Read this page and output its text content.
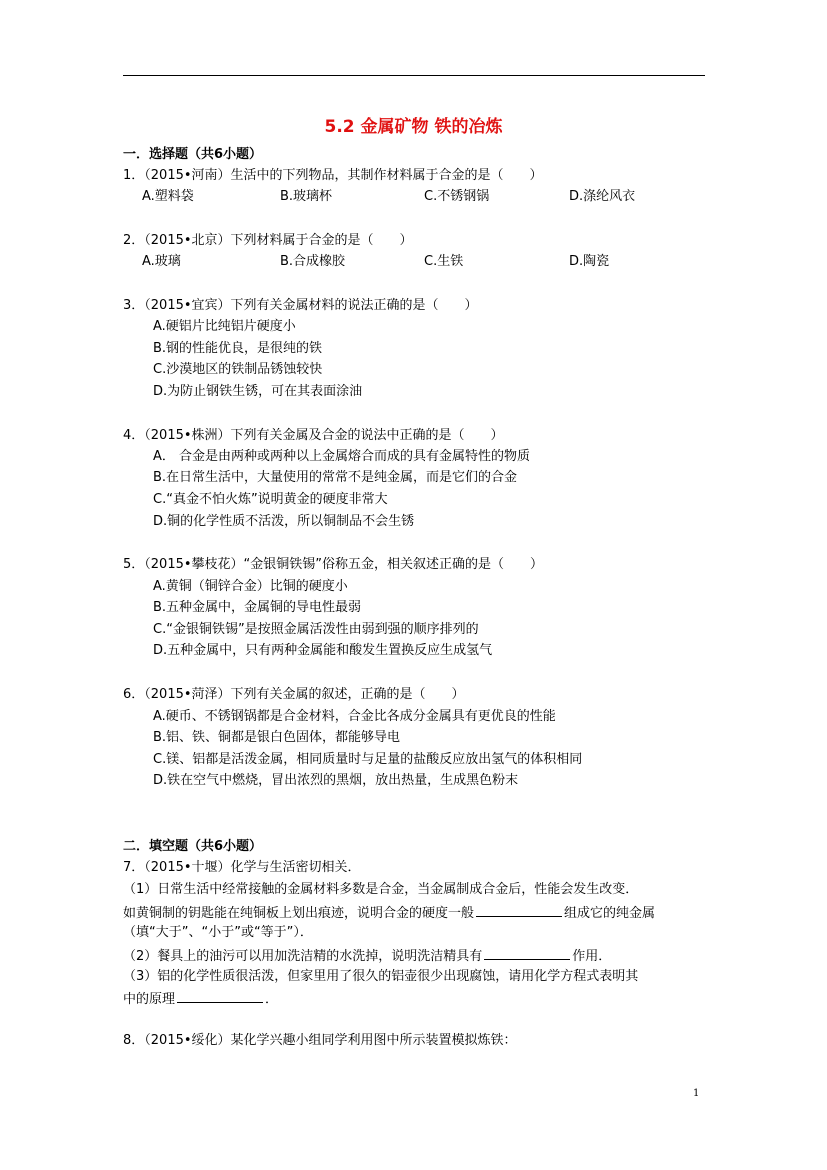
5.2 金属矿物 铁的冶炼
一．选择题（共6小题）
1．（2015•河南）生活中的下列物品，其制作材料属于合金的是（　　）
A.塑料袋	B.玻璃杯	C.不锈钢锅	D.涤纶风衣
2．（2015•北京）下列材料属于合金的是（　　）
A.玻璃	B.合成橡胶	C.生铁	D.陶瓷
3．（2015•宜宾）下列有关金属材料的说法正确的是（　　）
A.硬铝片比纯铝片硬度小
B.钢的性能优良，是很纯的铁
C.沙漠地区的铁制品锈蚀较快
D.为防止钢铁生锈，可在其表面涂油
4．（2015•株洲）下列有关金属及合金的说法中正确的是（　　）
A． 合金是由两种或两种以上金属熔合而成的具有金属特性的物质
B.在日常生活中，大量使用的常常不是纯金属，而是它们的合金
C.“真金不怕火炼”说明黄金的硬度非常大
D.铜的化学性质不活泼，所以铜制品不会生锈
5．（2015•攀枝花）“金银铜铁锡”俗称五金，相关叙述正确的是（　　）
A.黄铜（铜锌合金）比铜的硬度小
B.五种金属中，金属铜的导电性最弱
C.“金银铜铁锡”是按照金属活泼性由弱到强的顺序排列的
D.五种金属中，只有两种金属能和酸发生置换反应生成氢气
6．（2015•菏泽）下列有关金属的叙述，正确的是（　　）
A.硬币、不锈钢锅都是合金材料，合金比各成分金属具有更优良的性能
B.铝、铁、铜都是银白色固体，都能够导电
C.镁、铝都是活泼金属，相同质量时与足量的盐酸反应放出氢气的体积相同
D.铁在空气中燃烧，冒出浓烈的黑烟，放出热量，生成黑色粉末
二．填空题（共6小题）
7．（2015•十堰）化学与生活密切相关．
（1）日常生活中经常接触的金属材料多数是合金，当金属制成合金后，性能会发生改变．
如黄铜制的钥匙能在纯铜板上划出痕迹，说明合金的硬度一般	组成它的纯金属
（填“大于”、“小于”或“等于”）．
（2）餐具上的油污可以用加洗洁精的水洗掉，说明洗洁精具有	作用．
（3）铝的化学性质很活泼，但家里用了很久的铝壶很少出现腐蚀，请用化学方程式表明其
中的原理	．
8．（2015•绥化）某化学兴趣小组同学利用图中所示装置模拟炼铁：
1
